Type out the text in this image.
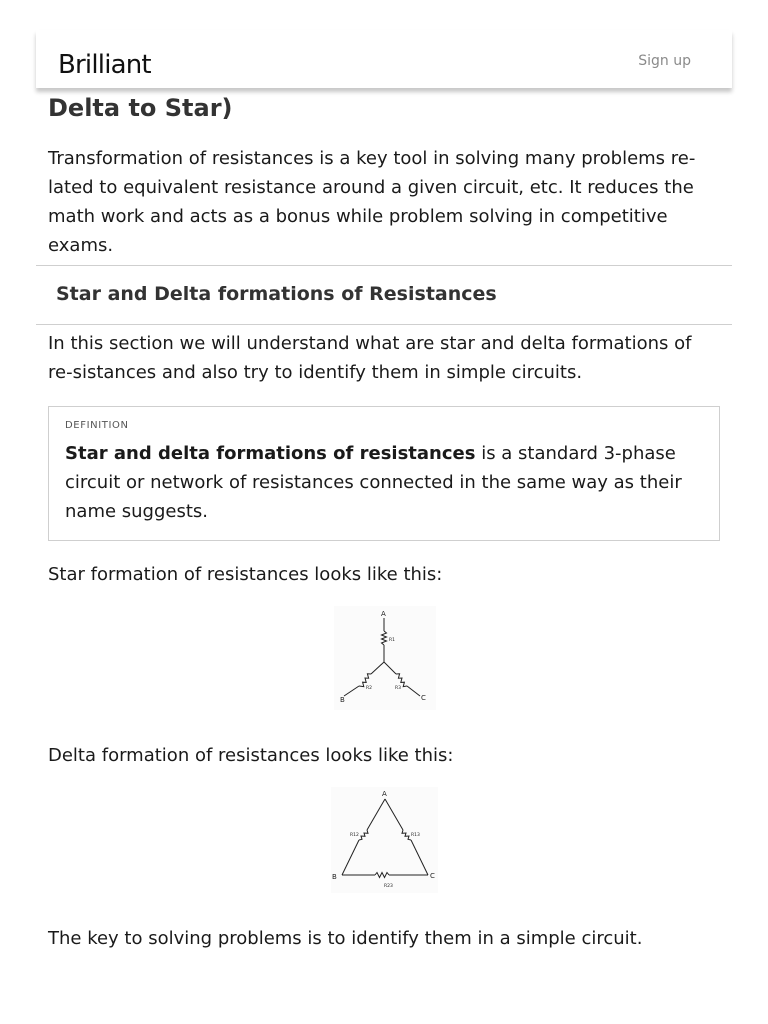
Brilliant	Sign up
Delta to Star)

Transformation of resistances is a key tool in solving many problems re-lated to equivalent resistance around a given circuit, etc. It reduces the math work and acts as a bonus while problem solving in competitive exams.

Star and Delta formations of Resistances

In this section we will understand what are star and delta formations of re-sistances and also try to identify them in simple circuits.

DEFINITION

Star and delta formations of resistances is a standard 3-phase circuit or network of resistances connected in the same way as their name suggests.

Star formation of resistances looks like this:

A
B	C
R1
R2	R3

Delta formation of resistances looks like this:

A
B	C
R12	R13
R23

The key to solving problems is to identify them in a simple circuit.
